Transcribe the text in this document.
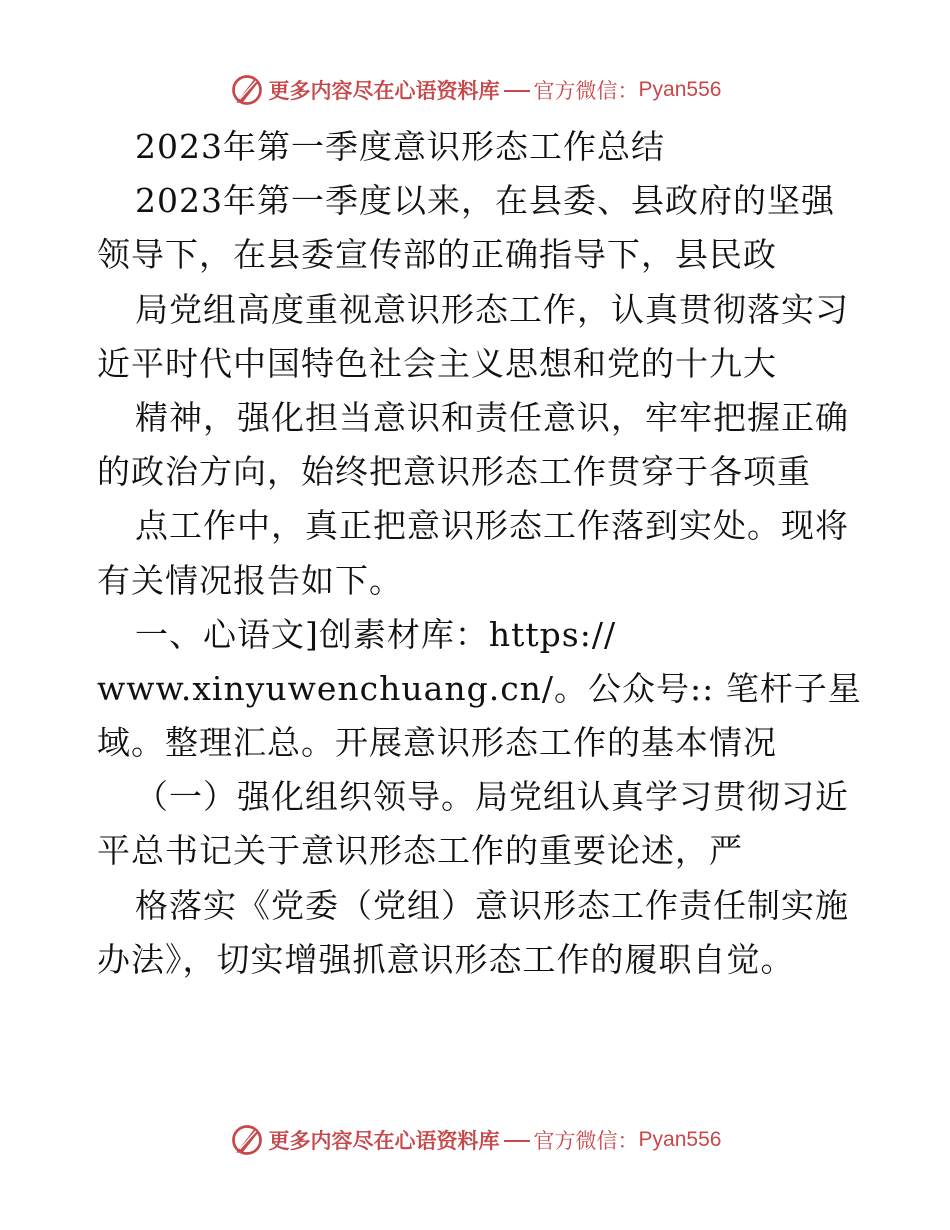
更多内容尽在心语资料库 官方微信： Pyan556
2023年第一季度意识形态工作总结
2023年第一季度以来，在县委、县政府的坚强
领导下，在县委宣传部的正确指导下，县民政
局党组高度重视意识形态工作，认真贯彻落实习
近平时代中国特色社会主义思想和党的十九大
精神，强化担当意识和责任意识，牢牢把握正确
的政治方向，始终把意识形态工作贯穿于各项重
点工作中，真正把意识形态工作落到实处。现将
有关情况报告如下。
一、心语文]创素材库：https://
www.xinyuwenchuang.cn/。公众号:: 笔杆子星
域。整理汇总。开展意识形态工作的基本情况
（一）强化组织领导。局党组认真学习贯彻习近
平总书记关于意识形态工作的重要论述，严
格落实《党委（党组）意识形态工作责任制实施
办法》，切实增强抓意识形态工作的履职自觉。
更多内容尽在心语资料库 官方微信： Pyan556
